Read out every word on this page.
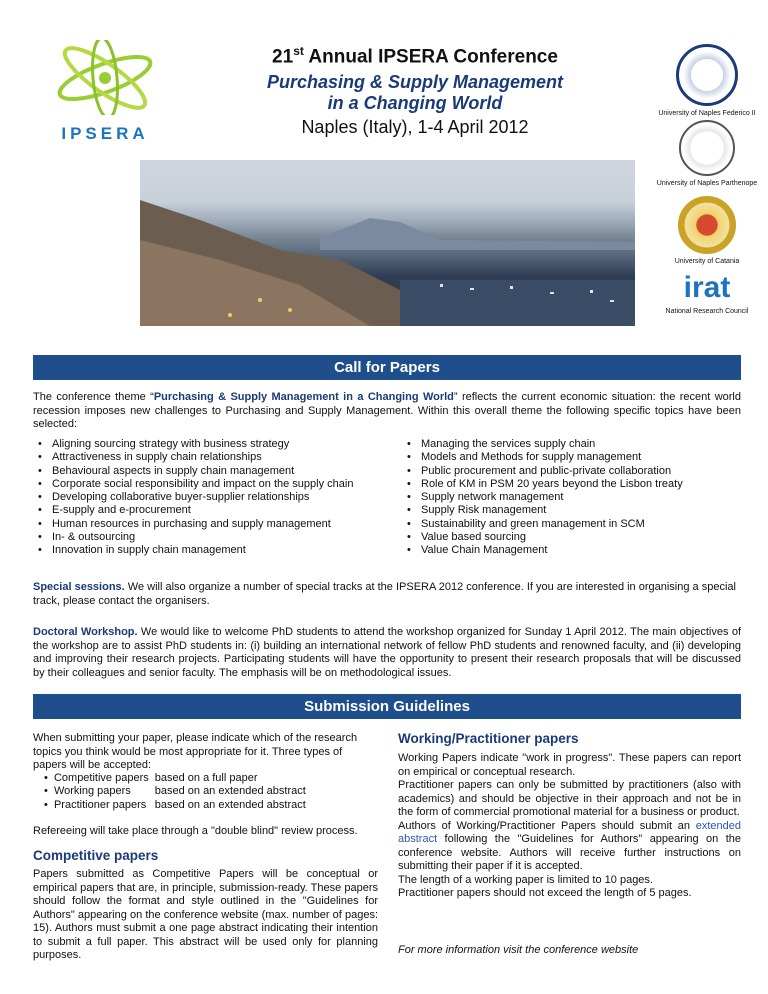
IPSERA
21st Annual IPSERA Conference
Purchasing & Supply Management
in a Changing World
Naples (Italy), 1-4 April 2012
University of Naples Federico II
University of Naples Parthenope
University of Catania
irat
National Research Council
Call for Papers
The conference theme “Purchasing & Supply Management in a Changing World” reflects the current economic situation: the recent world recession imposes new challenges to Purchasing and Supply Management. Within this overall theme the following specific topics have been selected:
• Aligning sourcing strategy with business strategy
• Attractiveness in supply chain relationships
• Behavioural aspects in supply chain management
• Corporate social responsibility and impact on the supply chain
• Developing collaborative buyer-supplier relationships
• E-supply and e-procurement
• Human resources in purchasing and supply management
• In- & outsourcing
• Innovation in supply chain management
• Managing the services supply chain
• Models and Methods for supply management
• Public procurement and public-private collaboration
• Role of KM in PSM 20 years beyond the Lisbon treaty
• Supply network management
• Supply Risk management
• Sustainability and green management in SCM
• Value based sourcing
• Value Chain Management
Special sessions. We will also organize a number of special tracks at the IPSERA 2012 conference. If you are interested in organising a special track, please contact the organisers.
Doctoral Workshop. We would like to welcome PhD students to attend the workshop organized for Sunday 1 April 2012. The main objectives of the workshop are to assist PhD students in: (i) building an international network of fellow PhD students and renowned faculty, and (ii) developing and improving their research projects. Participating students will have the opportunity to present their research proposals that will be discussed by their colleagues and senior faculty. The emphasis will be on methodological issues.
Submission Guidelines
When submitting your paper, please indicate which of the research topics you think would be most appropriate for it. Three types of papers will be accepted:
•  Competitive papers	based on a full paper
•  Working papers	based on an extended abstract
•  Practitioner papers	based on an extended abstract
Refereeing will take place through a "double blind" review process.
Competitive papers
Papers submitted as Competitive Papers will be conceptual or empirical papers that are, in principle, submission-ready. These papers should follow the format and style outlined in the "Guidelines for Authors" appearing on the conference website (max. number of pages: 15). Authors must submit a one page abstract indicating their intention to submit a full paper. This abstract will be used only for planning purposes.
Working/Practitioner papers
Working Papers indicate "work in progress". These papers can report on empirical or conceptual research.
Practitioner papers can only be submitted by practitioners (also with academics) and should be objective in their approach and not be in the form of commercial promotional material for a business or product.
Authors of Working/Practitioner Papers should submit an extended abstract following the "Guidelines for Authors" appearing on the conference website. Authors will receive further instructions on submitting their paper if it is accepted.
The length of a working paper is limited to 10 pages.
Practitioner papers should not exceed the length of 5 pages.
For more information visit the conference website
